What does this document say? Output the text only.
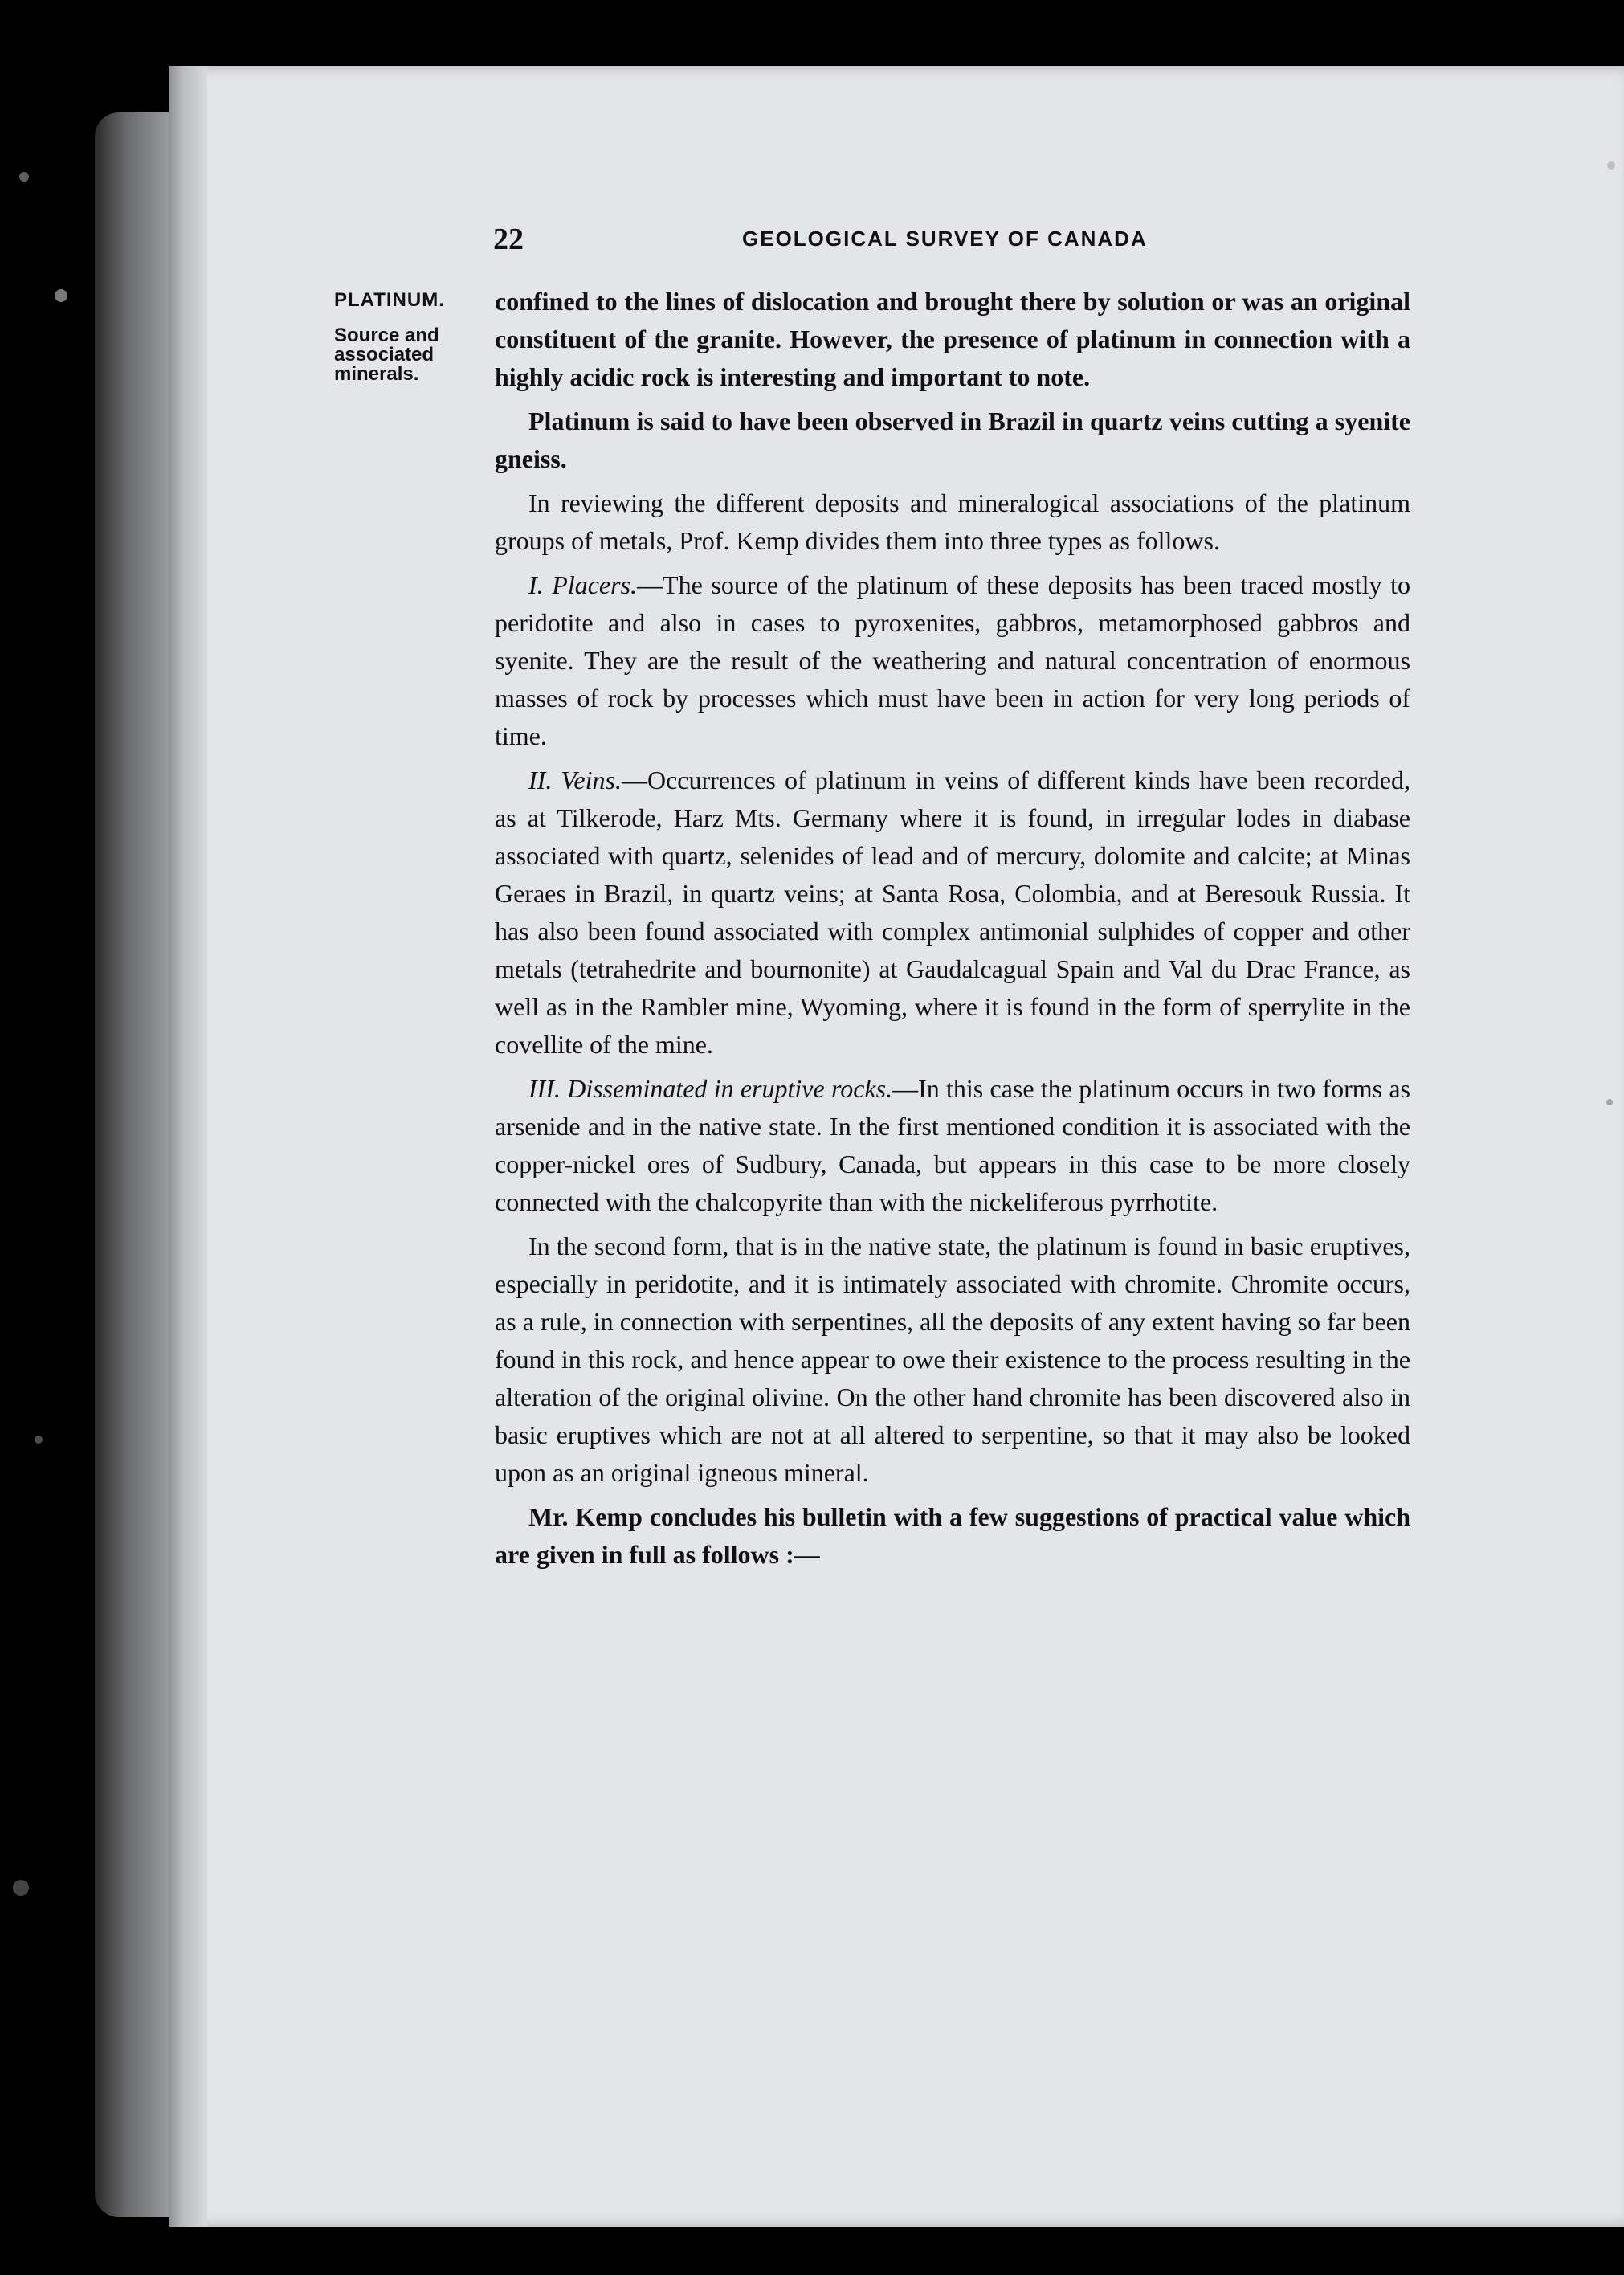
22	GEOLOGICAL SURVEY OF CANADA
PLATINUM.
Source and associated minerals.

confined to the lines of dislocation and brought there by solution or was an original constituent of the granite. However, the presence of platinum in connection with a highly acidic rock is interesting and important to note.

Platinum is said to have been observed in Brazil in quartz veins cutting a syenite gneiss.

In reviewing the different deposits and mineralogical associations of the platinum groups of metals, Prof. Kemp divides them into three types as follows.

I. Placers.—The source of the platinum of these deposits has been traced mostly to peridotite and also in cases to pyroxenites, gabbros, metamorphosed gabbros and syenite. They are the result of the weathering and natural concentration of enormous masses of rock by processes which must have been in action for very long periods of time.

II. Veins.—Occurrences of platinum in veins of different kinds have been recorded, as at Tilkerode, Harz Mts. Germany where it is found, in irregular lodes in diabase associated with quartz, selenides of lead and of mercury, dolomite and calcite; at Minas Geraes in Brazil, in quartz veins; at Santa Rosa, Colombia, and at Beresouk Russia. It has also been found associated with complex antimonial sulphides of copper and other metals (tetrahedrite and bournonite) at Gaudalcagual Spain and Val du Drac France, as well as in the Rambler mine, Wyoming, where it is found in the form of sperrylite in the covellite of the mine.

III. Disseminated in eruptive rocks.—In this case the platinum occurs in two forms as arsenide and in the native state. In the first mentioned condition it is associated with the copper-nickel ores of Sudbury, Canada, but appears in this case to be more closely connected with the chalcopyrite than with the nickeliferous pyrrhotite.

In the second form, that is in the native state, the platinum is found in basic eruptives, especially in peridotite, and it is intimately associated with chromite. Chromite occurs, as a rule, in connection with serpentines, all the deposits of any extent having so far been found in this rock, and hence appear to owe their existence to the process resulting in the alteration of the original olivine. On the other hand chromite has been discovered also in basic eruptives which are not at all altered to serpentine, so that it may also be looked upon as an original igneous mineral.

Mr. Kemp concludes his bulletin with a few suggestions of practical value which are given in full as follows :—
